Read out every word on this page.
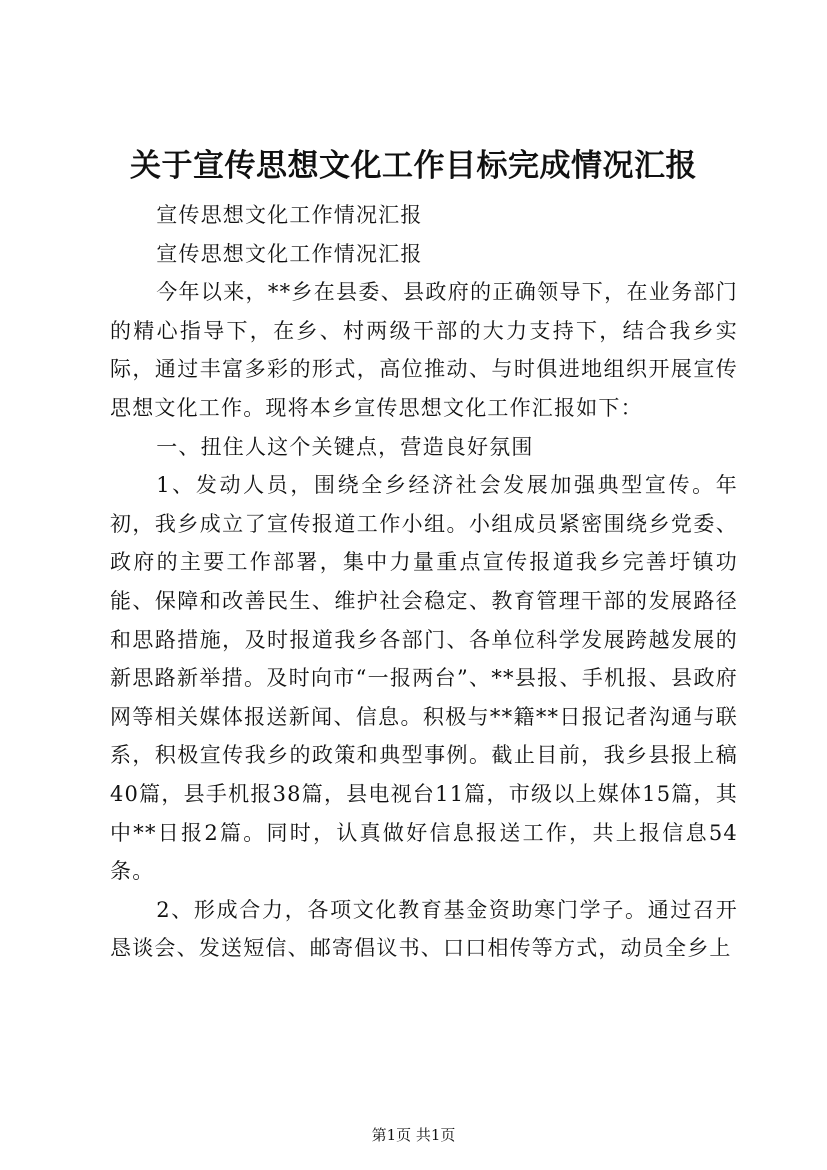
关于宣传思想文化工作目标完成情况汇报

宣传思想文化工作情况汇报

宣传思想文化工作情况汇报

今年以来，**乡在县委、县政府的正确领导下，在业务部门的精心指导下，在乡、村两级干部的大力支持下，结合我乡实际，通过丰富多彩的形式，高位推动、与时俱进地组织开展宣传思想文化工作。现将本乡宣传思想文化工作汇报如下：

一、扭住人这个关键点，营造良好氛围

1、发动人员，围绕全乡经济社会发展加强典型宣传。年初，我乡成立了宣传报道工作小组。小组成员紧密围绕乡党委、政府的主要工作部署，集中力量重点宣传报道我乡完善圩镇功能、保障和改善民生、维护社会稳定、教育管理干部的发展路径和思路措施，及时报道我乡各部门、各单位科学发展跨越发展的新思路新举措。及时向市“一报两台”、**县报、手机报、县政府网等相关媒体报送新闻、信息。积极与**籍**日报记者沟通与联系，积极宣传我乡的政策和典型事例。截止目前，我乡县报上稿40篇，县手机报38篇，县电视台11篇，市级以上媒体15篇，其中**日报2篇。同时，认真做好信息报送工作，共上报信息54条。

2、形成合力，各项文化教育基金资助寒门学子。通过召开恳谈会、发送短信、邮寄倡议书、口口相传等方式，动员全乡上

第1页 共1页
